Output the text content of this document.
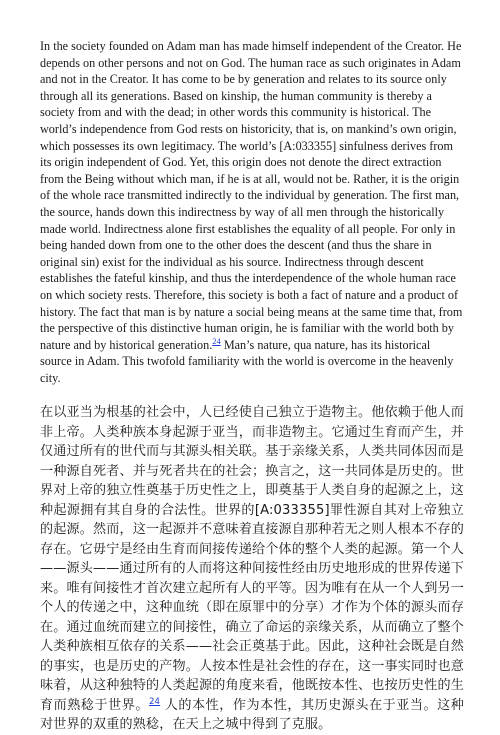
In the society founded on Adam man has made himself independent of the Creator. He depends on other persons and not on God. The human race as such originates in Adam and not in the Creator. It has come to be by generation and relates to its source only through all its generations. Based on kinship, the human community is thereby a society from and with the dead; in other words this community is historical. The world’s independence from God rests on historicity, that is, on mankind’s own origin, which possesses its own legitimacy. The world’s [A:033355] sinfulness derives from its origin independent of God. Yet, this origin does not denote the direct extraction from the Being without which man, if he is at all, would not be. Rather, it is the origin of the whole race transmitted indirectly to the individual by generation. The first man, the source, hands down this indirectness by way of all men through the historically made world. Indirectness alone first establishes the equality of all people. For only in being handed down from one to the other does the descent (and thus the share in original sin) exist for the individual as his source. Indirectness through descent establishes the fateful kinship, and thus the interdependence of the whole human race on which society rests. Therefore, this society is both a fact of nature and a product of history. The fact that man is by nature a social being means at the same time that, from the perspective of this distinctive human origin, he is familiar with the world both by nature and by historical generation.$^{24}$ Man’s nature, qua nature, has its historical source in Adam. This twofold familiarity with the world is overcome in the heavenly city.

在以亚当为根基的社会中，人已经使自己独立于造物主。他依赖于他人而非上帝。人类种族本身起源于亚当，而非造物主。它通过生育而产生，并仅通过所有的世代而与其源头相关联。基于亲缘关系，人类共同体因而是一种源自死者、并与死者共在的社会；换言之，这一共同体是历史的。世界对上帝的独立性奠基于历史性之上，即奠基于人类自身的起源之上，这种起源拥有其自身的合法性。世界的[A:033355]罪性源自其对上帝独立的起源。然而，这一起源并不意味着直接源自那种若无之则人根本不存的存在。它毋宁是经由生育而间接传递给个体的整个人类的起源。第一个人——源头——通过所有的人而将这种间接性经由历史地形成的世界传递下来。唯有间接性才首次建立起所有人的平等。因为唯有在从一个人到另一个人的传递之中，这种血统（即在原罪中的分享）才作为个体的源头而存在。通过血统而建立的间接性，确立了命运的亲缘关系，从而确立了整个人类种族相互依存的关系——社会正奠基于此。因此，这种社会既是自然的事实，也是历史的产物。人按本性是社会性的存在，这一事实同时也意味着，从这种独特的人类起源的角度来看，他既按本性、也按历史性的生育而熟稔于世界。$^{24}$ 人的本性，作为本性，其历史源头在于亚当。这种对世界的双重的熟稔，在天上之城中得到了克服。
